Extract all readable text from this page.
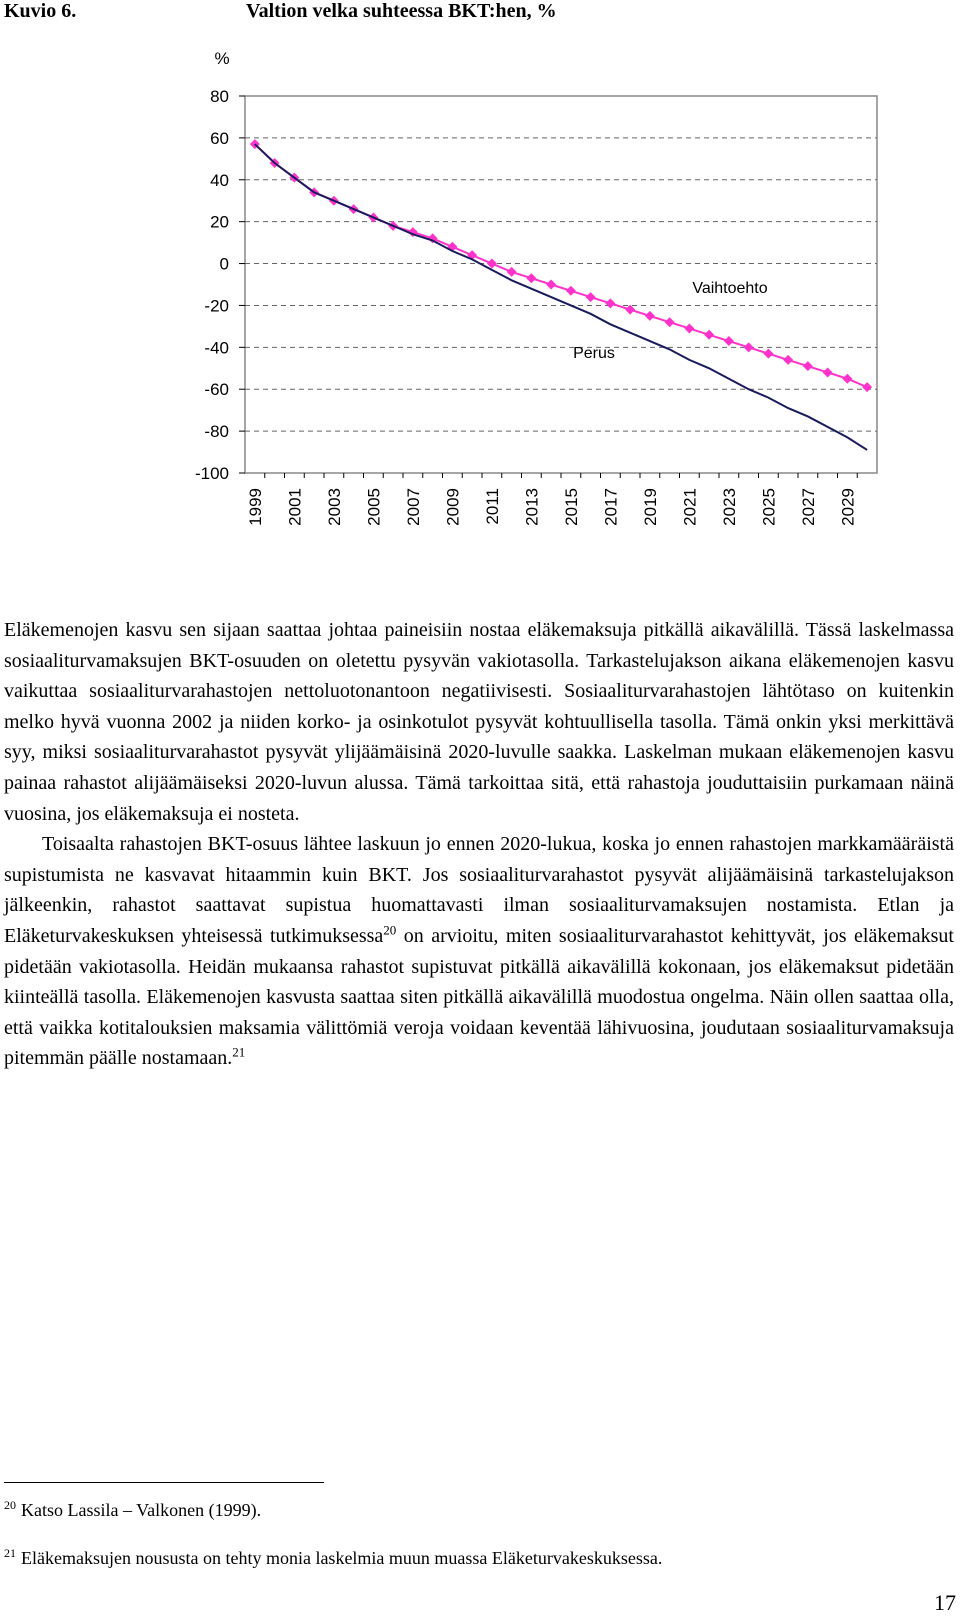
Kuvio 6.	Valtion velka suhteessa BKT:hen, %
80
60
40
20
0
-20
-40
-60
-80
-100
%
1999 2001 2003 2005 2007 2009 2011 2013 2015 2017 2019 2021 2023 2025 2027 2029
Vaihtoehto
Perus

Eläkemenojen kasvu sen sijaan saattaa johtaa paineisiin nostaa eläkemaksuja pitkällä aikavälillä. Tässä laskelmassa sosiaaliturvamaksujen BKT-osuuden on oletettu pysyvän vakiotasolla. Tarkastelujakson aikana eläkemenojen kasvu vaikuttaa sosiaaliturvarahastojen nettoluotonantoon negatiivisesti. Sosiaaliturvarahastojen lähtötaso on kuitenkin melko hyvä vuonna 2002 ja niiden korko- ja osinkotulot pysyvät kohtuullisella tasolla. Tämä onkin yksi merkittävä syy, miksi sosiaaliturvarahastot pysyvät ylijäämäisinä 2020-luvulle saakka. Laskelman mukaan eläkemenojen kasvu painaa rahastot alijäämäiseksi 2020-luvun alussa. Tämä tarkoittaa sitä, että rahastoja jouduttaisiin purkamaan näinä vuosina, jos eläkemaksuja ei nosteta.

Toisaalta rahastojen BKT-osuus lähtee laskuun jo ennen 2020-lukua, koska jo ennen rahastojen markkamääräistä supistumista ne kasvavat hitaammin kuin BKT. Jos sosiaaliturvarahastot pysyvät alijäämäisinä tarkastelujakson jälkeenkin, rahastot saattavat supistua huomattavasti ilman sosiaaliturvamaksujen nostamista. Etlan ja Eläketurvakeskuksen yhteisessä tutkimuksessa$^{20}$ on arvioitu, miten sosiaaliturvarahastot kehittyvät, jos eläkemaksut pidetään vakiotasolla. Heidän mukaansa rahastot supistuvat pitkällä aikavälillä kokonaan, jos eläkemaksut pidetään kiinteällä tasolla. Eläkemenojen kasvusta saattaa siten pitkällä aikavälillä muodostua ongelma. Näin ollen saattaa olla, että vaikka kotitalouksien maksamia välittömiä veroja voidaan keventää lähivuosina, joudutaan sosiaaliturvamaksuja pitemmän päälle nostamaan.$^{21}$

$^{20}$ Katso Lassila – Valkonen (1999).
$^{21}$ Eläkemaksujen noususta on tehty monia laskelmia muun muassa Eläketurvakeskuksessa.
17
